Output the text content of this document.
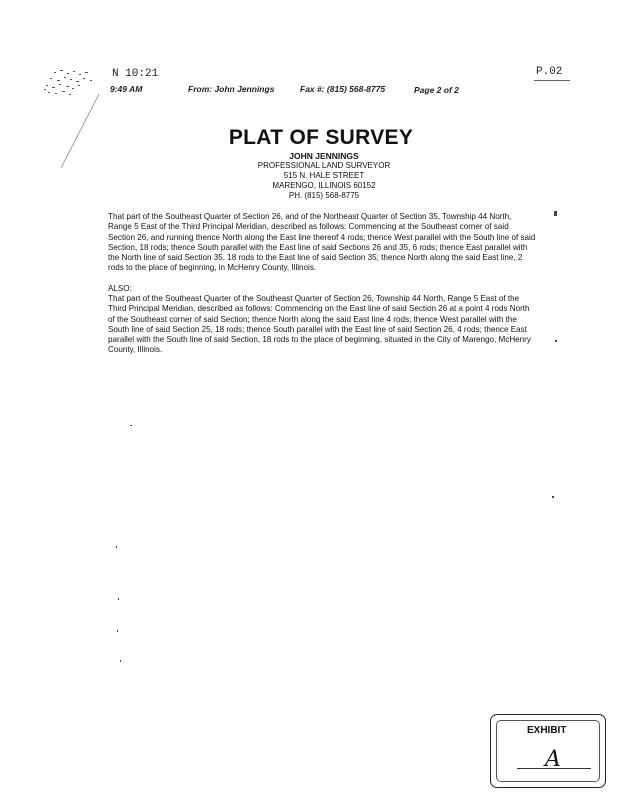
N 10:21	P.02
9:49 AM	From: John Jennings	Fax #: (815) 568-8775	Page 2 of 2
PLAT OF SURVEY
JOHN JENNINGS
PROFESSIONAL LAND SURVEYOR
515 N. HALE STREET
MARENGO, ILLINOIS 60152
PH. (815) 568-8775
That part of the Southeast Quarter of Section 26, and of the Northeast Quarter of Section 35, Township 44 North, Range 5 East of the Third Principal Meridian, described as follows: Commencing at the Southeast corner of said Section 26, and running thence North along the East line thereof 4 rods; thence West parallel with the South line of said Section, 18 rods; thence South parallel with the East line of said Sections 26 and 35, 6 rods; thence East parallel with the North line of said Section 35, 18 rods to the East line of said Section 35; thence North along the said East line, 2 rods to the place of beginning, in McHenry County, Illinois.
ALSO:
That part of the Southeast Quarter of the Southeast Quarter of Section 26, Township 44 North, Range 5 East of the Third Principal Meridian, described as follows: Commencing on the East line of said Section 26 at a point 4 rods North of the Southeast corner of said Section; thence North along the said East line 4 rods; thence West parallel with the South line of said Section 25, 18 rods; thence South parallel with the East line of said Section 26, 4 rods; thence East parallel with the South line of said Section, 18 rods to the place of beginning, situated in the City of Marengo, McHenry County, Illinois.
EXHIBIT
A
